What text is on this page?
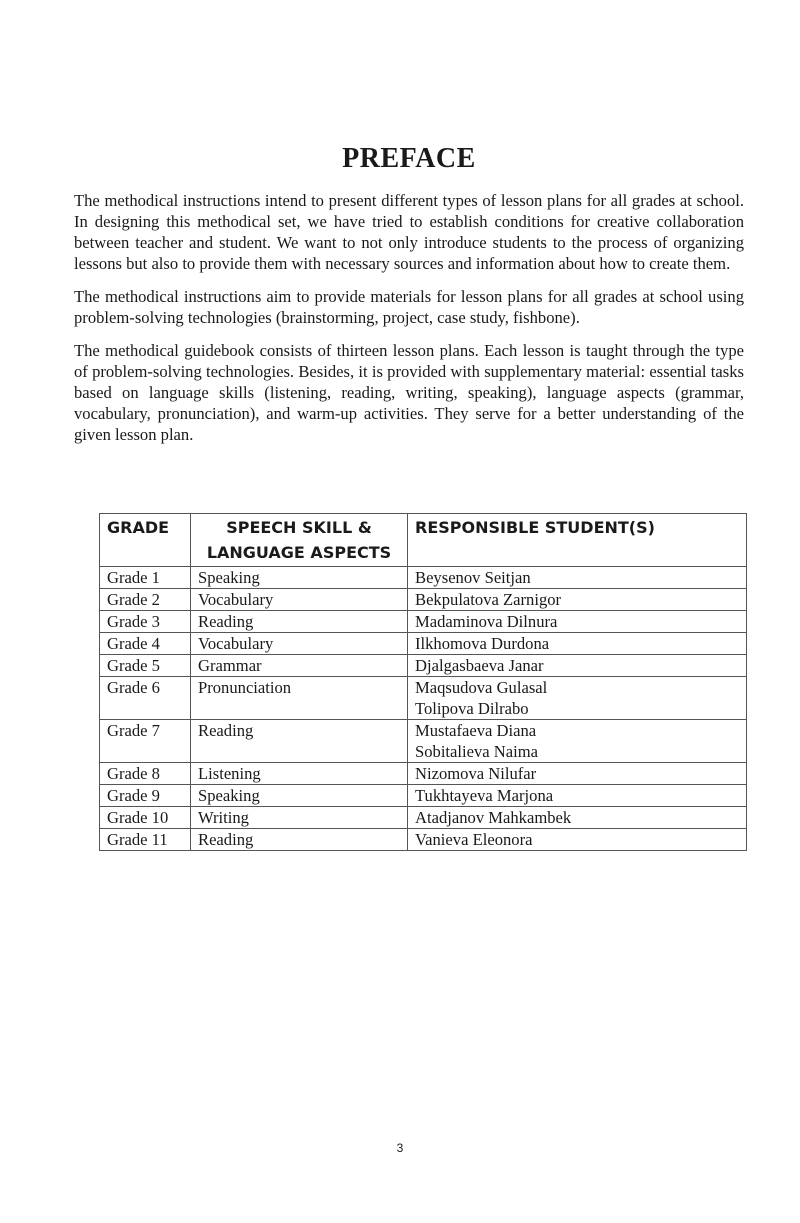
PREFACE

The methodical instructions intend to present different types of lesson plans for all grades at school. In designing this methodical set, we have tried to establish conditions for creative collaboration between teacher and student. We want to not only introduce students to the process of organizing lessons but also to provide them with necessary sources and information about how to create them.

The methodical instructions aim to provide materials for lesson plans for all grades at school using problem-solving technologies (brainstorming, project, case study, fishbone).

The methodical guidebook consists of thirteen lesson plans. Each lesson is taught through the type of problem-solving technologies. Besides, it is provided with supplementary material: essential tasks based on language skills (listening, reading, writing, speaking), language aspects (grammar, vocabulary, pronunciation), and warm-up activities. They serve for a better understanding of the given lesson plan.

GRADE	SPEECH SKILL & LANGUAGE ASPECTS	RESPONSIBLE STUDENT(S)
Grade 1	Speaking	Beysenov Seitjan

Grade 2	Vocabulary	Bekpulatova Zarnigor

Grade 3	Reading	Madaminova Dilnura

Grade 4	Vocabulary	Ilkhomova Durdona

Grade 5	Grammar	Djalgasbaeva Janar

Grade 6	Pronunciation	Maqsudova Gulasal
Tolipova Dilrabo

Grade 7	Reading	Mustafaeva Diana
Sobitalieva Naima

Grade 8	Listening	Nizomova Nilufar

Grade 9	Speaking	Tukhtayeva Marjona

Grade 10	Writing	Atadjanov Mahkambek

Grade 11	Reading	Vanieva Eleonora
3
